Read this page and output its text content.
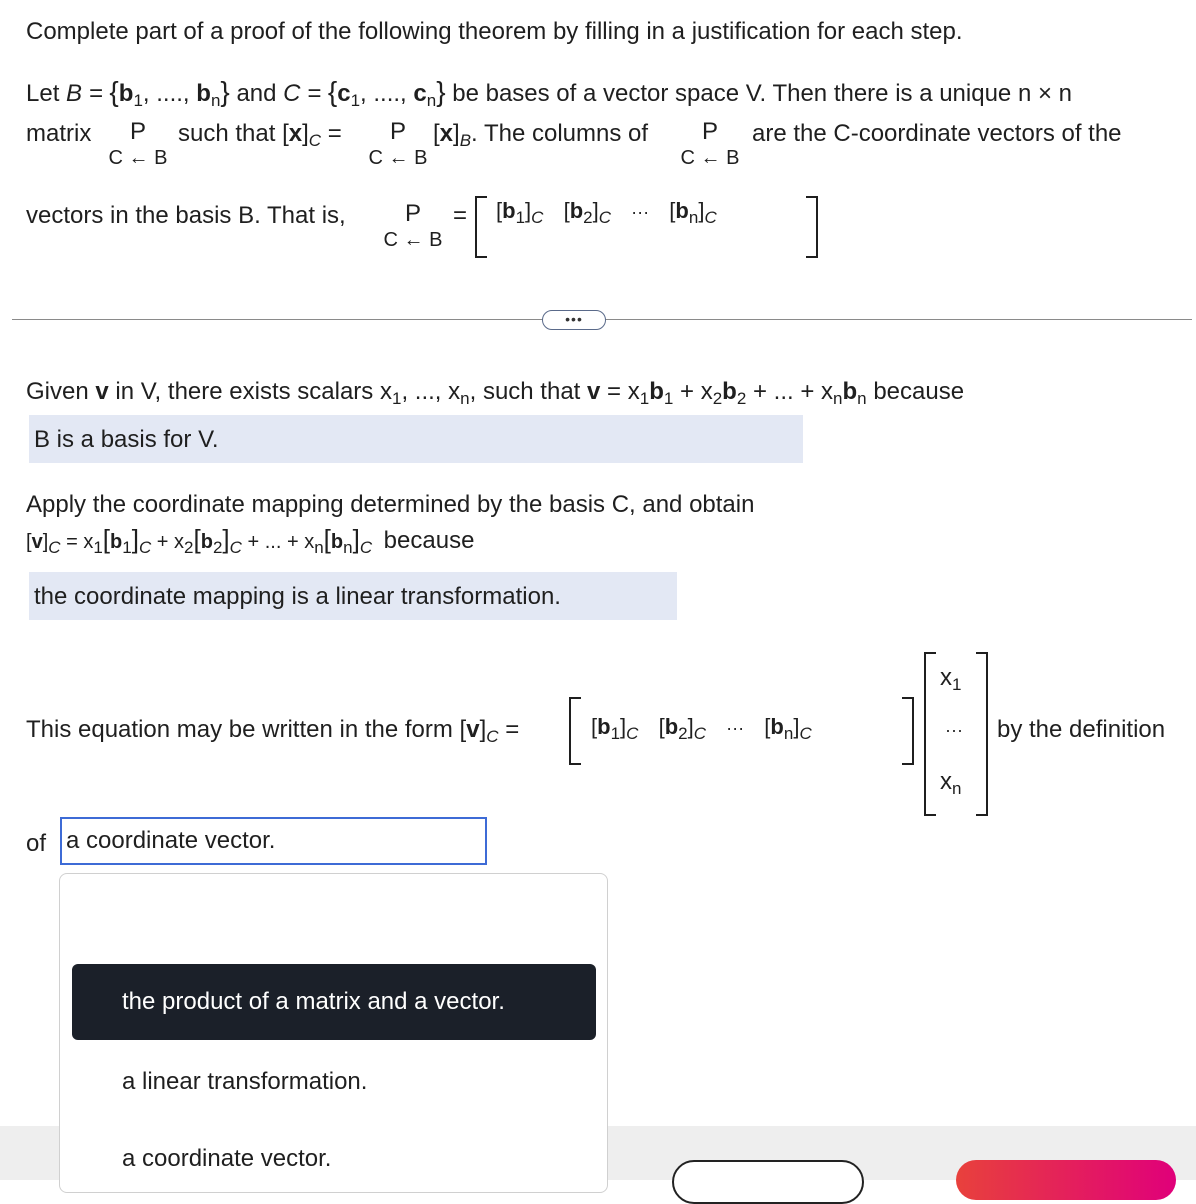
Complete part of a proof of the following theorem by filling in a justification for each step.
Let $B = \{b_1$, ...., $b_n$} and $C = \{c_1$, ...., $c_n$} be bases of a vector space V. Then there is a unique n × n
matrix	P
C ← B
such that $[x]_C$ =	P
C ← B
$[x]_B$. The columns of	P
C ← B
are the C-coordinate vectors of the
vectors in the basis B. That is,	P
C ← B
= $[b_1]_C$ $[b_2]_C$ ··· $[b_n]_C$
•••
Given v in V, there exists scalars $x_1$, ..., $x_n$, such that $v = x_1b_1 + x_2b_2$ + ... + $x_nb_n$ because
B is a basis for V.
Apply the coordinate mapping determined by the basis C, and obtain
$[v]_C = x_1[b_1]_C + x_2[b_2]_C$ + ... + $x_n[b_n]_C$ because
the coordinate mapping is a linear transformation.
This equation may be written in the form $[v]_C$ =	$[b_1]_C$ $[b_2]_C$ ··· $[b_n]_C$
$x_1$
···
$x_n$
by the definition
of a coordinate vector.
the product of a matrix and a vector.
a linear transformation.
a coordinate vector.
